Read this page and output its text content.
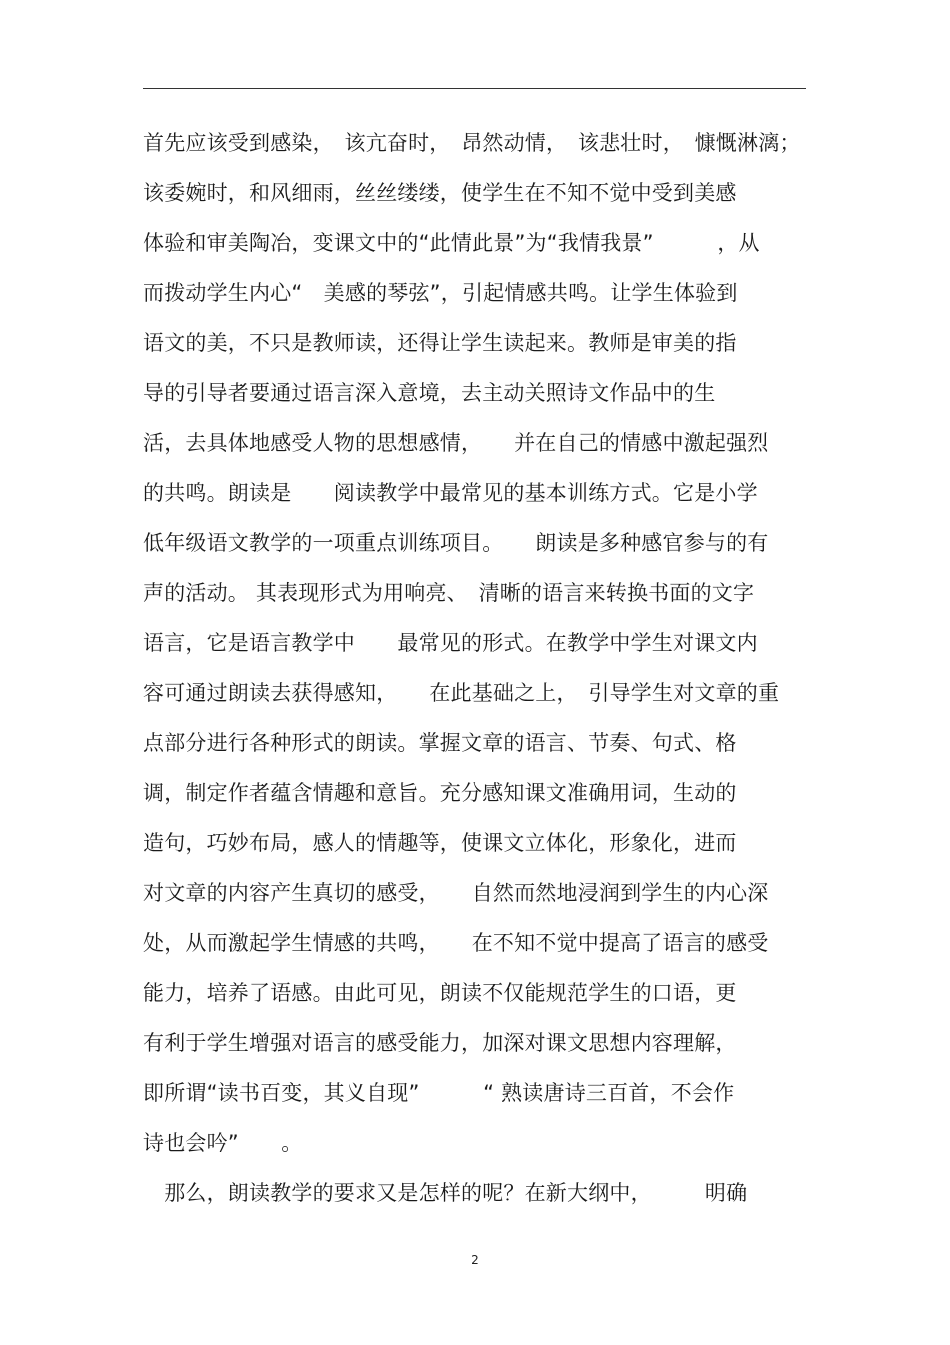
首先应该受到感染，　该亢奋时，　昂然动情，　该悲壮时，　慷慨淋漓；
该委婉时，和风细雨，丝丝缕缕，使学生在不知不觉中受到美感
体验和审美陶冶，变课文中的“此情此景”为“我情我景”　　　，从
而拨动学生内心“　美感的琴弦”，引起情感共鸣。让学生体验到
语文的美，不只是教师读，还得让学生读起来。教师是审美的指
导的引导者要通过语言深入意境，去主动关照诗文作品中的生
活，去具体地感受人物的思想感情，　　并在自己的情感中激起强烈
的共鸣。朗读是　　阅读教学中最常见的基本训练方式。它是小学
低年级语文教学的一项重点训练项目。　　朗读是多种感官参与的有
声的活动。 其表现形式为用响亮、　清晰的语言来转换书面的文字
语言，它是语言教学中　　最常见的形式。在教学中学生对课文内
容可通过朗读去获得感知，　　在此基础之上，　引导学生对文章的重
点部分进行各种形式的朗读。掌握文章的语言、节奏、句式、格
调，制定作者蕴含情趣和意旨。充分感知课文准确用词，生动的
造句，巧妙布局，感人的情趣等，使课文立体化，形象化，进而
对文章的内容产生真切的感受，　　自然而然地浸润到学生的内心深
处，从而激起学生情感的共鸣，　　在不知不觉中提高了语言的感受
能力，培养了语感。由此可见，朗读不仅能规范学生的口语，更
有利于学生增强对语言的感受能力，加深对课文思想内容理解，
即所谓“读书百变，其义自现”　　　“ 熟读唐诗三百首，不会作
诗也会吟”　　。
　那么，朗读教学的要求又是怎样的呢？在新大纲中，　　　明确
2
